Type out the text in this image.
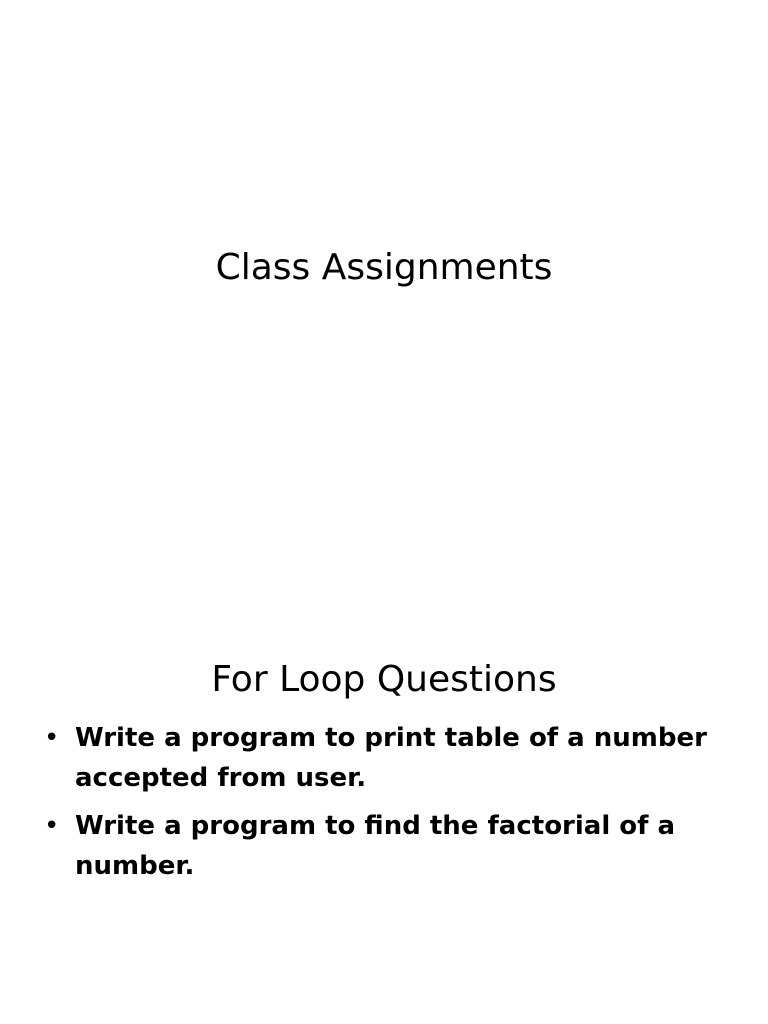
Class Assignments
For Loop Questions
• Write a program to print table of a number accepted from user.
• Write a program to find the factorial of a number.
